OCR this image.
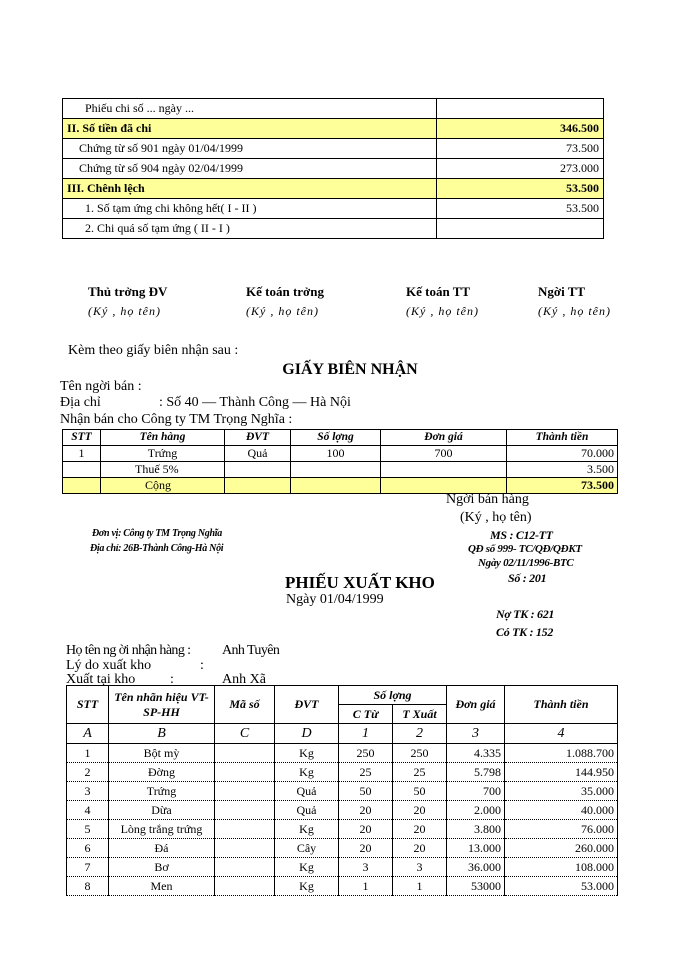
Phiếu chi số ... ngày ...	
II. Số tiền đã chi	346.500
Chứng từ số 901 ngày 01/04/1999	73.500
Chứng từ số 904 ngày 02/04/1999	273.000
III. Chênh lệch	53.500
1. Số tạm ứng chi không hết( I - II )	53.500
2. Chi quá số tạm ứng ( II - I )	
Thủ trởng ĐV
(Ký , họ tên)
Kế toán trởng
(Ký , họ tên)
Kế toán TT
(Ký , họ tên)
Ngời TT
(Ký , họ tên)
Kèm theo giấy biên nhận sau :
GIẤY BIÊN NHẬN
Tên ngời bán :
Địa chỉ	: Số 40 — Thành Công — Hà Nội
Nhận bán cho Công ty TM Trọng Nghĩa :
STT	Tên hàng	ĐVT	Số lợng	Đơn giá	Thành tiền
1	Trứng	Quả	100	700	70.000
	Thuế 5%				3.500
	Cộng				73.500
Ngời bán hàng
(Ký , họ tên)
Đơn vị: Công ty TM Trọng Nghĩa
Địa chỉ: 26B-Thành Công-Hà Nội
MS : C12-TT
QĐ số 999- TC/QĐ/QĐKT
Ngày 02/11/1996-BTC
Số : 201
PHIẾU XUẤT KHO
Ngày 01/04/1999
Nợ TK : 621
Có TK : 152
Họ tên ng ời nhận hàng : Anh Tuyên
Lý do xuất kho	:
Xuất tại kho :	Anh Xã
STT	Tên nhãn hiệu VT-SP-HH	Mã số	ĐVT	Số lợng		Đơn giá	Thành tiền
				C Từ	T Xuất		
A	B	C	D	1	2	3	4
1	Bột mỳ		Kg	250	250	4.335	1.088.700
2	Đờng		Kg	25	25	5.798	144.950
3	Trứng		Quả	50	50	700	35.000
4	Dừa		Quả	20	20	2.000	40.000
5	Lòng trắng trứng		Kg	20	20	3.800	76.000
6	Đá		Cây	20	20	13.000	260.000
7	Bơ		Kg	3	3	36.000	108.000
8	Men		Kg	1	1	53000	53.000
